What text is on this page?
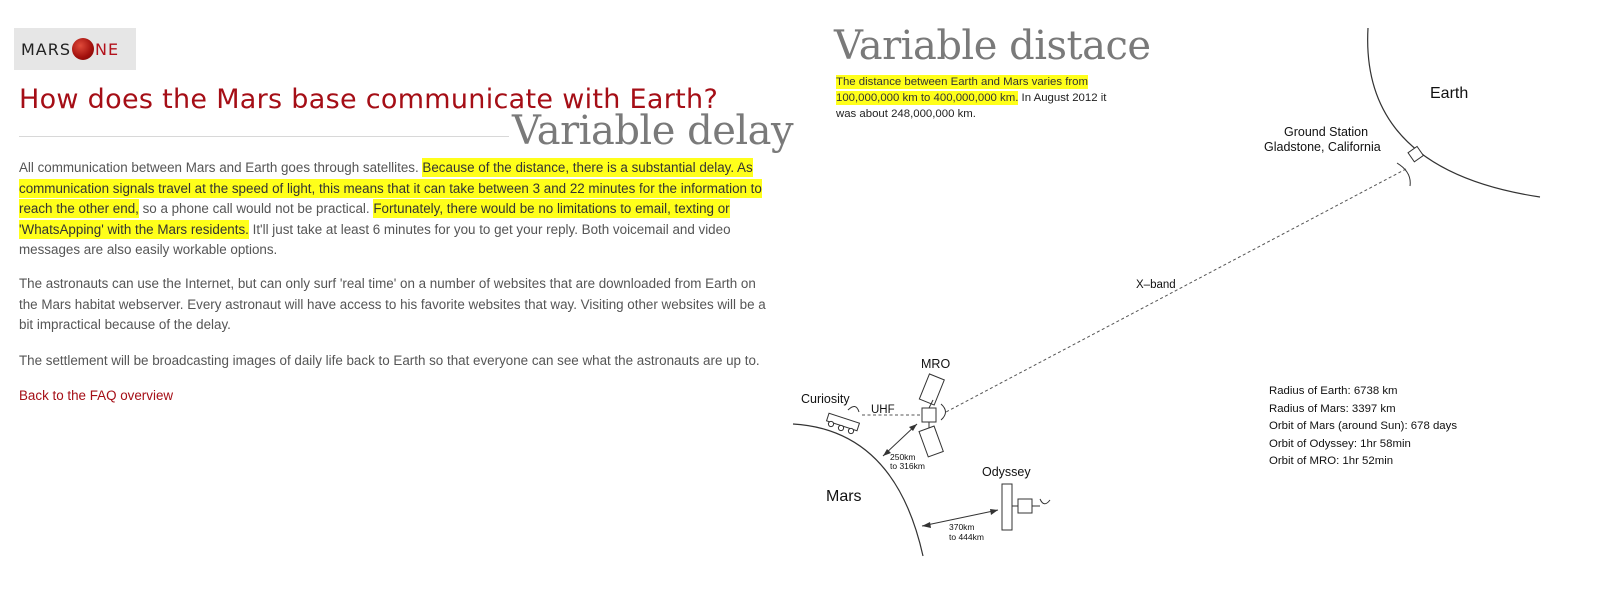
MARS NE
How does the Mars base communicate with Earth?
Variable delay

All communication between Mars and Earth goes through satellites. Because of the distance, there is a substantial delay. As communication signals travel at the speed of light, this means that it can take between 3 and 22 minutes for the information to reach the other end, so a phone call would not be practical. Fortunately, there would be no limitations to email, texting or 'WhatsApping' with the Mars residents. It'll just take at least 6 minutes for you to get your reply. Both voicemail and video messages are also easily workable options.

The astronauts can use the Internet, but can only surf 'real time' on a number of websites that are downloaded from Earth on the Mars habitat webserver. Every astronaut will have access to his favorite websites that way. Visiting other websites will be a bit impractical because of the delay.

The settlement will be broadcasting images of daily life back to Earth so that everyone can see what the astronauts are up to.

Back to the FAQ overview
Variable distace

The distance between Earth and Mars varies from 100,000,000 km to 400,000,000 km. In August 2012 it was about 248,000,000 km.

Earth
Ground Station
Gladstone, California
X–band
Mars
Curiosity
UHF
MRO
250km
to 316km	Odyssey
370km
to 444km
Radius of Earth: 6738 km
Radius of Mars: 3397 km
Orbit of Mars (around Sun): 678 days
Orbit of Odyssey: 1hr 58min
Orbit of MRO: 1hr 52min
